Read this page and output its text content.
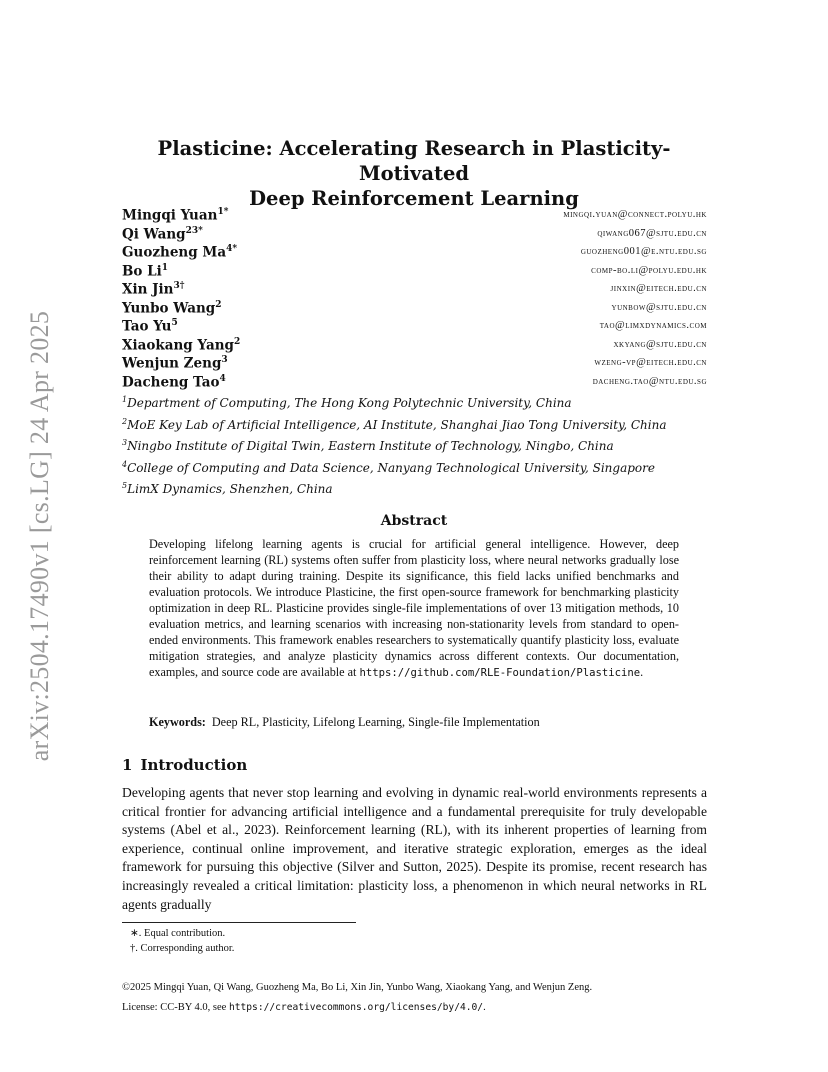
arXiv:2504.17490v1 [cs.LG] 24 Apr 2025
Plasticine: Accelerating Research in Plasticity-Motivated
Deep Reinforcement Learning
Mingqi Yuan$^{1*}$	mingqi.yuan@connect.polyu.hk
Qi Wang$^{23*}$	qiwang067@sjtu.edu.cn
Guozheng $Ma^{4*}$	guozheng001@e.ntu.edu.sg
Bo Li$^1$	comp-bo.li@polyu.edu.hk
Xin Jin$^{3\dagger}$	jinxin@eitech.edu.cn
Yunbo Wang$^2$	yunbow@sjtu.edu.cn
Tao Yu$^5$	tao@limxdynamics.com
Xiaokang Yang$^2$	xkyang@sjtu.edu.cn
Wenjun Zeng$^3$	wzeng-vp@eitech.edu.cn
Dacheng Tao$^4$	dacheng.tao@ntu.edu.sg
$^1$Department of Computing, The Hong Kong Polytechnic University, China
$^2$MoE Key Lab of Artificial Intelligence, AI Institute, Shanghai Jiao Tong University, China
$^3$Ningbo Institute of Digital Twin, Eastern Institute of Technology, Ningbo, China
$^4$College of Computing and Data Science, Nanyang Technological University, Singapore
$^5$LimX Dynamics, Shenzhen, China
Abstract
Developing lifelong learning agents is crucial for artificial general intelligence. However, deep reinforcement learning (RL) systems often suffer from plasticity loss, where neural networks gradually lose their ability to adapt during training. Despite its significance, this field lacks unified benchmarks and evaluation protocols. We introduce Plasticine, the first open-source framework for benchmarking plasticity optimization in deep RL. Plasticine provides single-file implementations of over 13 mitigation methods, 10 evaluation metrics, and learning scenarios with increasing non-stationarity levels from standard to open-ended environments. This framework enables researchers to systematically quantify plasticity loss, evaluate mitigation strategies, and analyze plasticity dynamics across different contexts. Our documentation, examples, and source code are available at https://github.com/RLE-Foundation/Plasticine.
Keywords: Deep RL, Plasticity, Lifelong Learning, Single-file Implementation
1 Introduction
Developing agents that never stop learning and evolving in dynamic real-world environments represents a critical frontier for advancing artificial intelligence and a fundamental prerequisite for truly developable systems (Abel et al., 2023). Reinforcement learning (RL), with its inherent properties of learning from experience, continual online improvement, and iterative strategic exploration, emerges as the ideal framework for pursuing this objective (Silver and Sutton, 2025). Despite its promise, recent research has increasingly revealed a critical limitation: plasticity loss, a phenomenon in which neural networks in RL agents gradually
∗. Equal contribution.
†. Corresponding author.
©2025 Mingqi Yuan, Qi Wang, Guozheng Ma, Bo Li, Xin Jin, Yunbo Wang, Xiaokang Yang, and Wenjun Zeng.
License: CC-BY 4.0, see https://creativecommons.org/licenses/by/4.0/.
